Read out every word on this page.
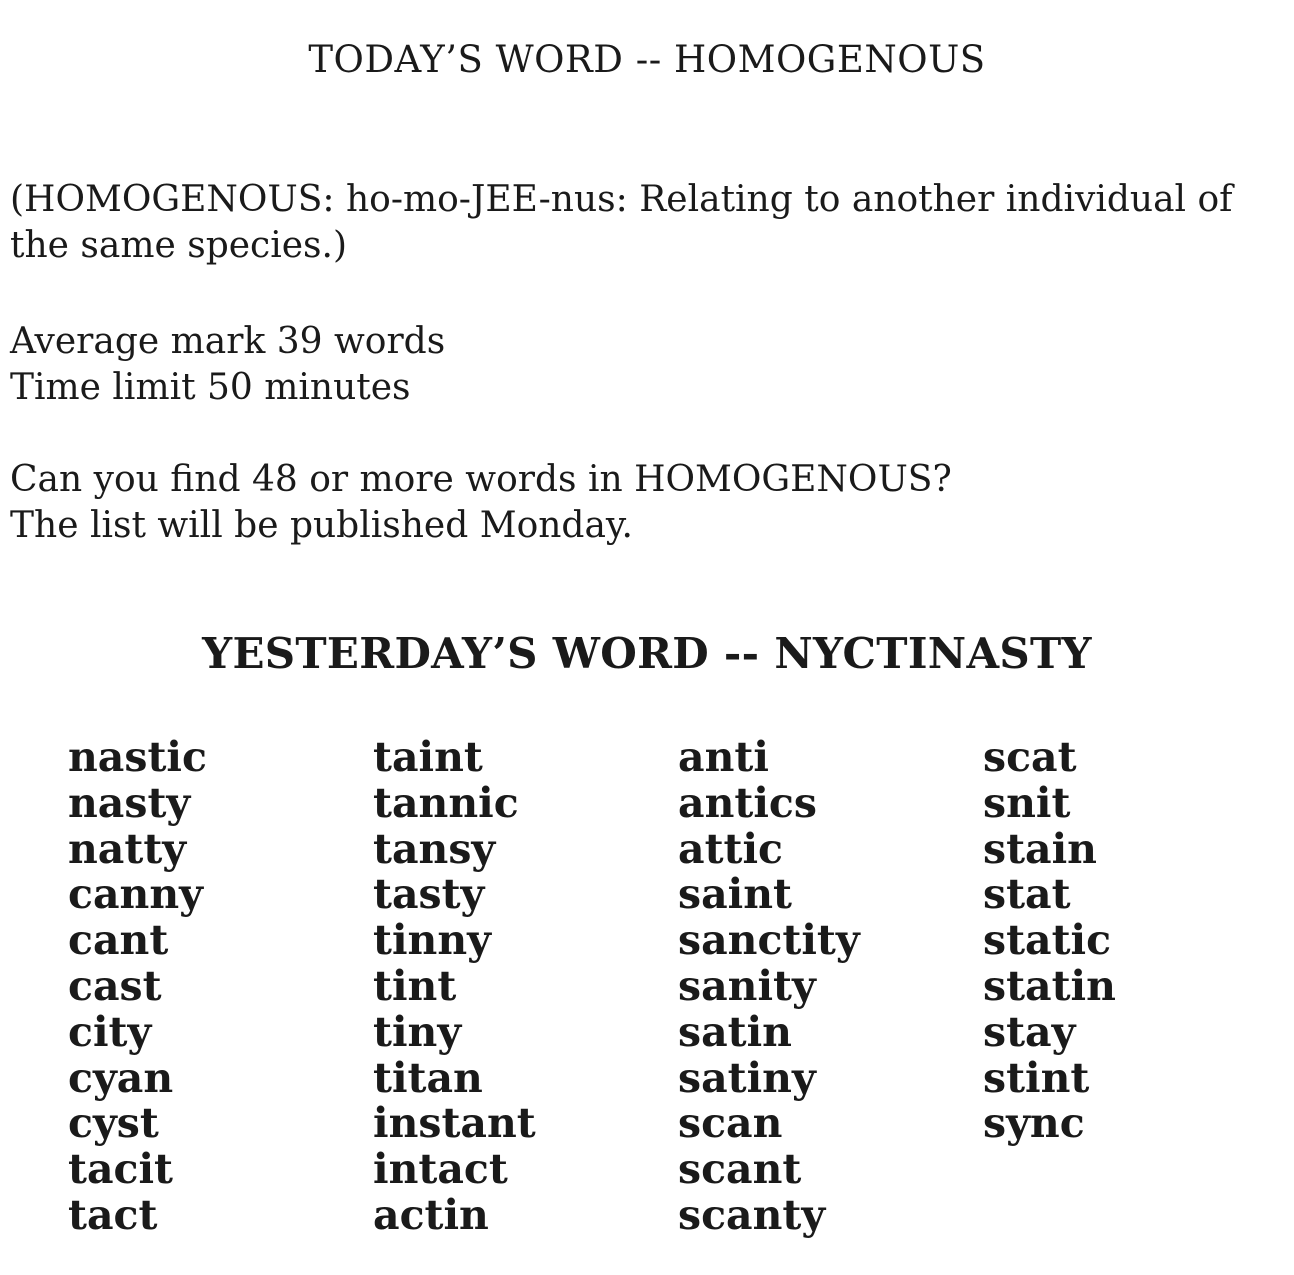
TODAY’S WORD -- HOMOGENOUS
(HOMOGENOUS: ho-mo-JEE-nus: Relating to another individual of the same species.)
Average mark 39 words
Time limit 50 minutes
Can you find 48 or more words in HOMOGENOUS?
The list will be published Monday.
YESTERDAY’S WORD -- NYCTINASTY
nastic
nasty
natty
canny
cant
cast
city
cyan
cyst
tacit
tact
taint
tannic
tansy
tasty
tinny
tint
tiny
titan
instant
intact
actin
anti
antics
attic
saint
sanctity
sanity
satin
satiny
scan
scant
scanty
scat
snit
stain
stat
static
statin
stay
stint
sync
